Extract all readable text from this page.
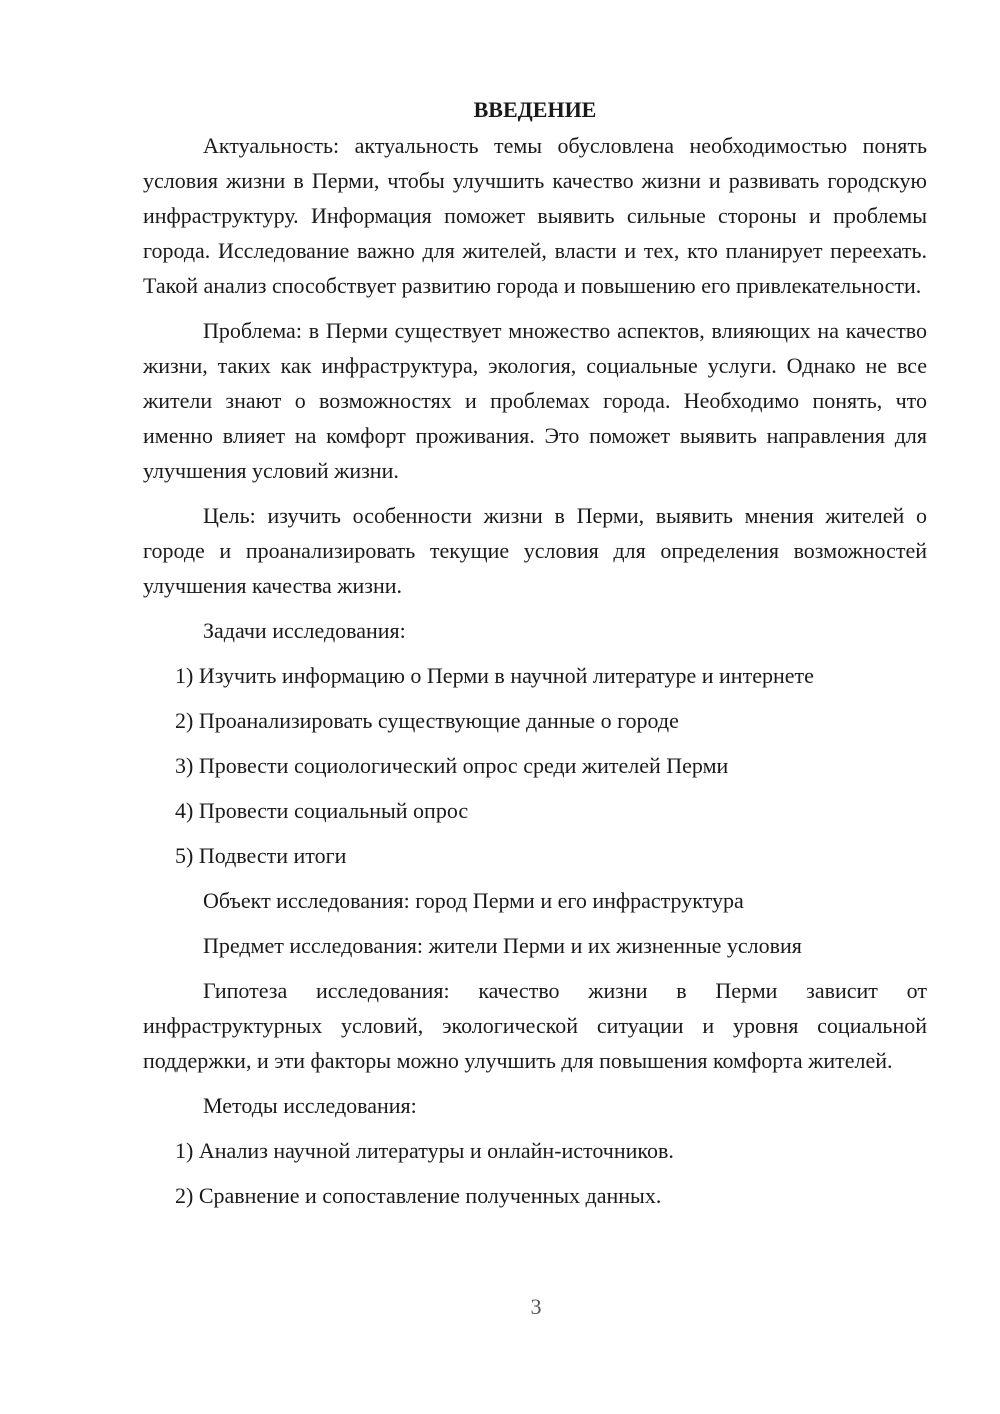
ВВЕДЕНИЕ

Актуальность: актуальность темы обусловлена необходимостью понять условия жизни в Перми, чтобы улучшить качество жизни и развивать городскую инфраструктуру. Информация поможет выявить сильные стороны и проблемы города. Исследование важно для жителей, власти и тех, кто планирует переехать. Такой анализ способствует развитию города и повышению его привлекательности.

Проблема: в Перми существует множество аспектов, влияющих на качество жизни, таких как инфраструктура, экология, социальные услуги. Однако не все жители знают о возможностях и проблемах города. Необходимо понять, что именно влияет на комфорт проживания. Это поможет выявить направления для улучшения условий жизни.

Цель: изучить особенности жизни в Перми, выявить мнения жителей о городе и проанализировать текущие условия для определения возможностей улучшения качества жизни.

Задачи исследования:

1) Изучить информацию о Перми в научной литературе и интернете
2) Проанализировать существующие данные о городе
3) Провести социологический опрос среди жителей Перми
4) Провести социальный опрос
5) Подвести итоги

Объект исследования: город Перми и его инфраструктура

Предмет исследования: жители Перми и их жизненные условия

Гипотеза исследования: качество жизни в Перми зависит от инфраструктурных условий, экологической ситуации и уровня социальной поддержки, и эти факторы можно улучшить для повышения комфорта жителей.

Методы исследования:

1) Анализ научной литературы и онлайн-источников.
2) Сравнение и сопоставление полученных данных.
3
